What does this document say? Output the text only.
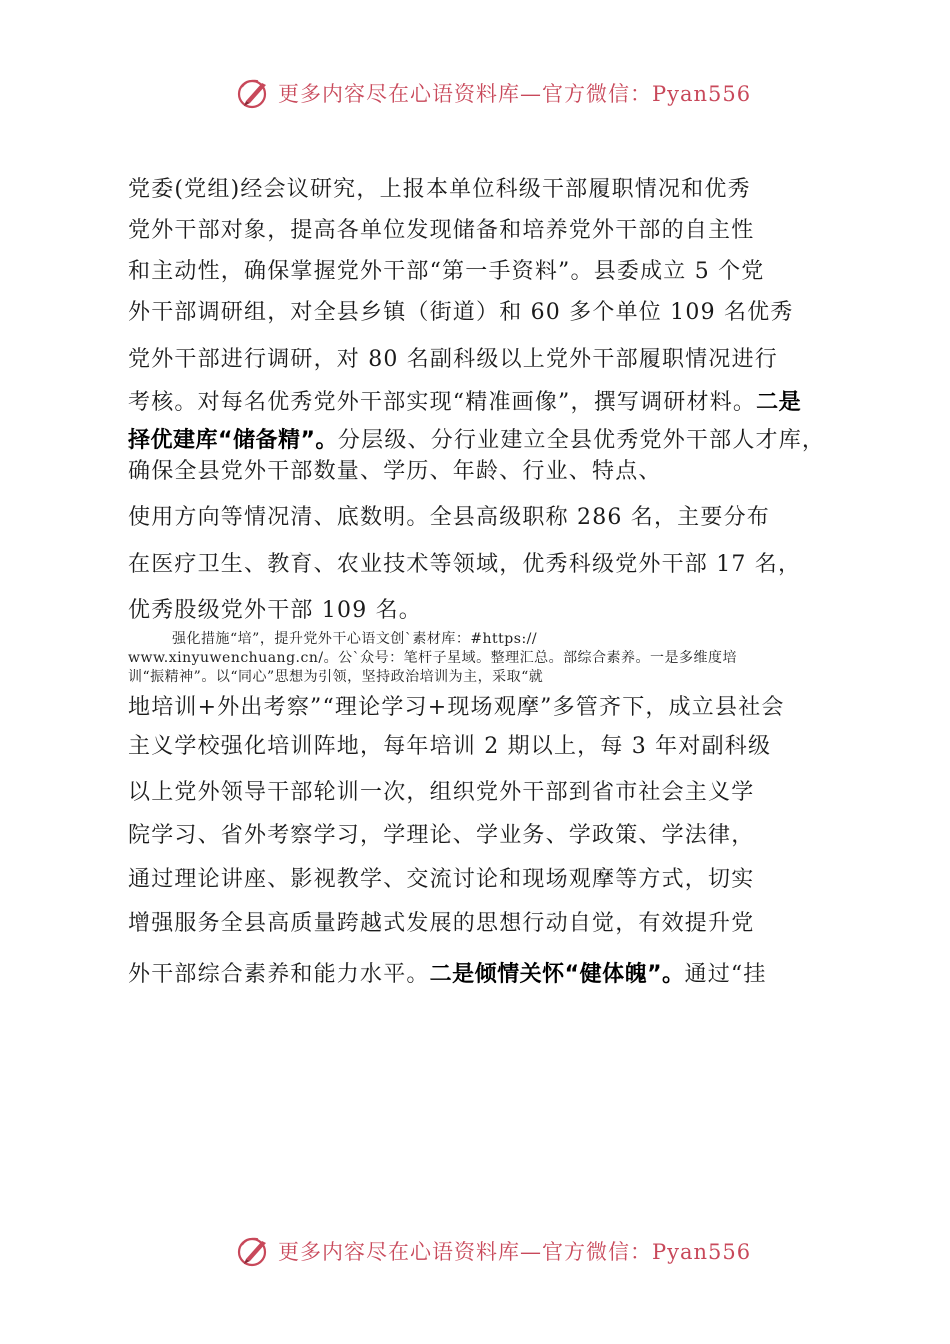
更多内容尽在心语资料库—官方微信：Pyan556
党委(党组)经会议研究，上报本单位科级干部履职情况和优秀
党外干部对象，提高各单位发现储备和培养党外干部的自主性
和主动性，确保掌握党外干部“第一手资料”。县委成立 5 个党
外干部调研组，对全县乡镇（街道）和 60 多个单位 109 名优秀
党外干部进行调研，对 80 名副科级以上党外干部履职情况进行
考核。对每名优秀党外干部实现“精准画像”，撰写调研材料。二是
择优建库“储备精”。分层级、分行业建立全县优秀党外干部人才库，
确保全县党外干部数量、学历、年龄、行业、特点、
使用方向等情况清、底数明。全县高级职称 286 名，主要分布
在医疗卫生、教育、农业技术等领域，优秀科级党外干部 17 名，
优秀股级党外干部 109 名。
强化措施“培”，提升党外干心语文创`素材库：#https://
www.xinyuwenchuang.cn/。公`众号：笔杆子星域。整理汇总。部综合素养。一是多维度培
训“振精神”。以“同心”思想为引领，坚持政治培训为主，采取“就
地培训+外出考察”“理论学习+现场观摩”多管齐下，成立县社会
主义学校强化培训阵地，每年培训 2 期以上，每 3 年对副科级
以上党外领导干部轮训一次，组织党外干部到省市社会主义学
院学习、省外考察学习，学理论、学业务、学政策、学法律，
通过理论讲座、影视教学、交流讨论和现场观摩等方式，切实
增强服务全县高质量跨越式发展的思想行动自觉，有效提升党
外干部综合素养和能力水平。二是倾情关怀“健体魄”。通过“挂
更多内容尽在心语资料库—官方微信：Pyan556
